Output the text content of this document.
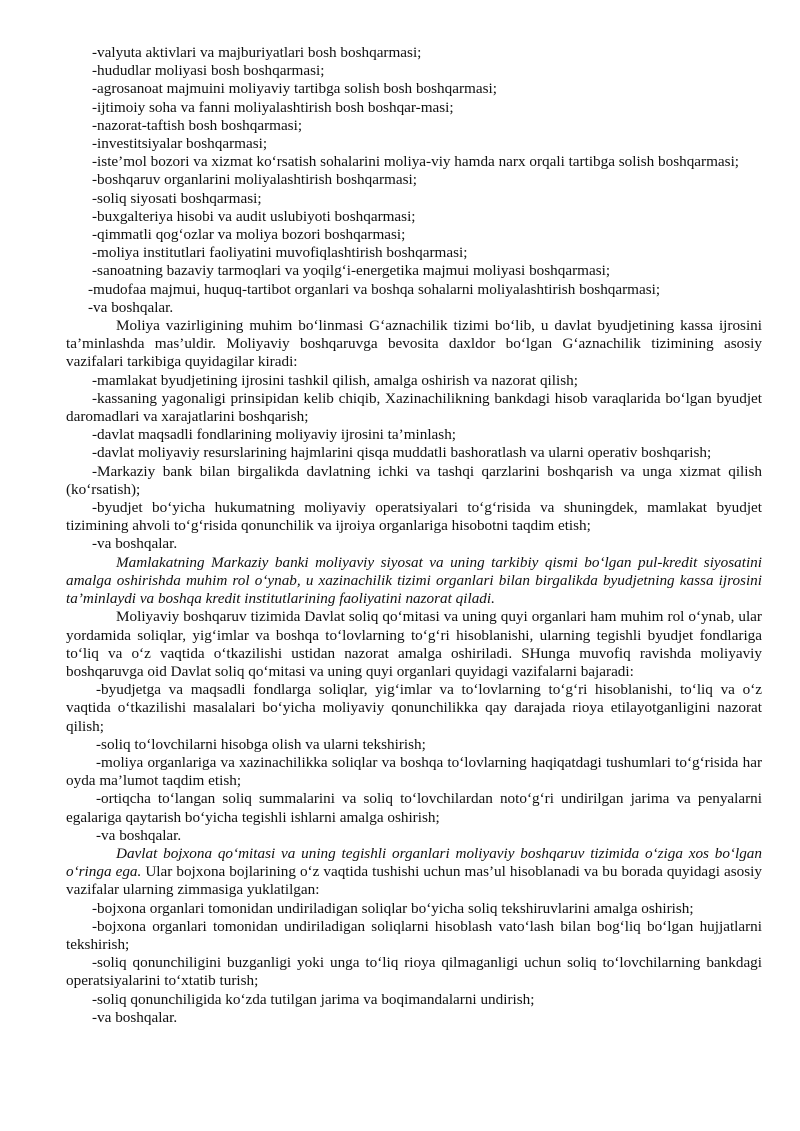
-valyuta aktivlari va majburiyatlari bosh boshqarmasi;

-hududlar moliyasi bosh boshqarmasi;

-agrosanoat majmuini moliyaviy tartibga solish bosh boshqarmasi;

-ijtimoiy soha va fanni moliyalashtirish bosh boshqar-masi;

-nazorat-taftish bosh boshqarmasi;

-investitsiyalar boshqarmasi;

-iste’mol bozori va xizmat ko‘rsatish sohalarini moliya-viy hamda narx orqali tartibga solish boshqarmasi;

-boshqaruv organlarini moliyalashtirish boshqarmasi;

-soliq siyosati boshqarmasi;

-buxgalteriya hisobi va audit uslubiyoti boshqarmasi;

-qimmatli qog‘ozlar va moliya bozori boshqarmasi;

-moliya institutlari faoliyatini muvofiqlashtirish boshqarmasi;

-sanoatning bazaviy tarmoqlari va yoqilg‘i-energetika majmui moliyasi boshqarmasi;

-mudofaa majmui, huquq-tartibot organlari va boshqa sohalarni moliyalashtirish boshqarmasi;

-va boshqalar.

Moliya vazirligining muhim bo‘linmasi G‘aznachilik tizimi bo‘lib, u davlat byudjetining kassa ijrosini ta’minlashda mas’uldir. Moliyaviy boshqaruvga bevosita daxldor bo‘lgan G‘aznachilik tizimining asosiy vazifalari tarkibiga quyidagilar kiradi:

-mamlakat byudjetining ijrosini tashkil qilish, amalga oshirish va nazorat qilish;

-kassaning yagonaligi prinsipidan kelib chiqib, Xazinachilikning bankdagi hisob varaqlarida bo‘lgan byudjet daromadlari va xarajatlarini boshqarish;

-davlat maqsadli fondlarining moliyaviy ijrosini ta’minlash;

-davlat moliyaviy resurslarining hajmlarini qisqa muddatli bashoratlash va ularni operativ boshqarish;

-Markaziy bank bilan birgalikda davlatning ichki va tashqi qarzlarini boshqarish va unga xizmat qilish (ko‘rsatish);

-byudjet bo‘yicha hukumatning moliyaviy operatsiyalari to‘g‘risida va shuningdek, mamlakat byudjet tizimining ahvoli to‘g‘risida qonunchilik va ijroiya organlariga hisobotni taqdim etish;

-va boshqalar.

Mamlakatning Markaziy banki moliyaviy siyosat va uning tarkibiy qismi bo‘lgan pul-kredit siyosatini amalga oshirishda muhim rol o‘ynab, u xazinachilik tizimi organlari bilan birgalikda byudjetning kassa ijrosini ta’minlaydi va boshqa kredit institutlarining faoliyatini nazorat qiladi.

Moliyaviy boshqaruv tizimida Davlat soliq qo‘mitasi va uning quyi organlari ham muhim rol o‘ynab, ular yordamida soliqlar, yig‘imlar va boshqa to‘lovlarning to‘g‘ri hisoblanishi, ularning tegishli byudjet fondlariga to‘liq va o‘z vaqtida o‘tkazilishi ustidan nazorat amalga oshiriladi. SHunga muvofiq ravishda moliyaviy boshqaruvga oid Davlat soliq qo‘mitasi va uning quyi organlari quyidagi vazifalarni bajaradi:

-byudjetga va maqsadli fondlarga soliqlar, yig‘imlar va to‘lovlarning to‘g‘ri hisoblanishi, to‘liq va o‘z vaqtida o‘tkazilishi masalalari bo‘yicha moliyaviy qonunchilikka qay darajada rioya etilayotganligini nazorat qilish;

-soliq to‘lovchilarni hisobga olish va ularni tekshirish;

-moliya organlariga va xazinachilikka soliqlar va boshqa to‘lovlarning haqiqatdagi tushumlari to‘g‘risida har oyda ma’lumot taqdim etish;

-ortiqcha to‘langan soliq summalarini va soliq to‘lovchilardan noto‘g‘ri undirilgan jarima va penyalarni egalariga qaytarish bo‘yicha tegishli ishlarni amalga oshirish;

-va boshqalar.

Davlat bojxona qo‘mitasi va uning tegishli organlari moliyaviy boshqaruv tizimida o‘ziga xos bo‘lgan o‘ringa ega. Ular bojxona bojlarining o‘z vaqtida tushishi uchun mas’ul hisoblanadi va bu borada quyidagi asosiy vazifalar ularning zimmasiga yuklatilgan:

-bojxona organlari tomonidan undiriladigan soliqlar bo‘yicha soliq tekshiruvlarini amalga oshirish;

-bojxona organlari tomonidan undiriladigan soliqlarni hisoblash vato‘lash bilan bog‘liq bo‘lgan hujjatlarni tekshirish;

-soliq qonunchiligini buzganligi yoki unga to‘liq rioya qilmaganligi uchun soliq to‘lovchilarning bankdagi operatsiyalarini to‘xtatib turish;

-soliq qonunchiligida ko‘zda tutilgan jarima va boqimandalarni undirish;

-va boshqalar.
